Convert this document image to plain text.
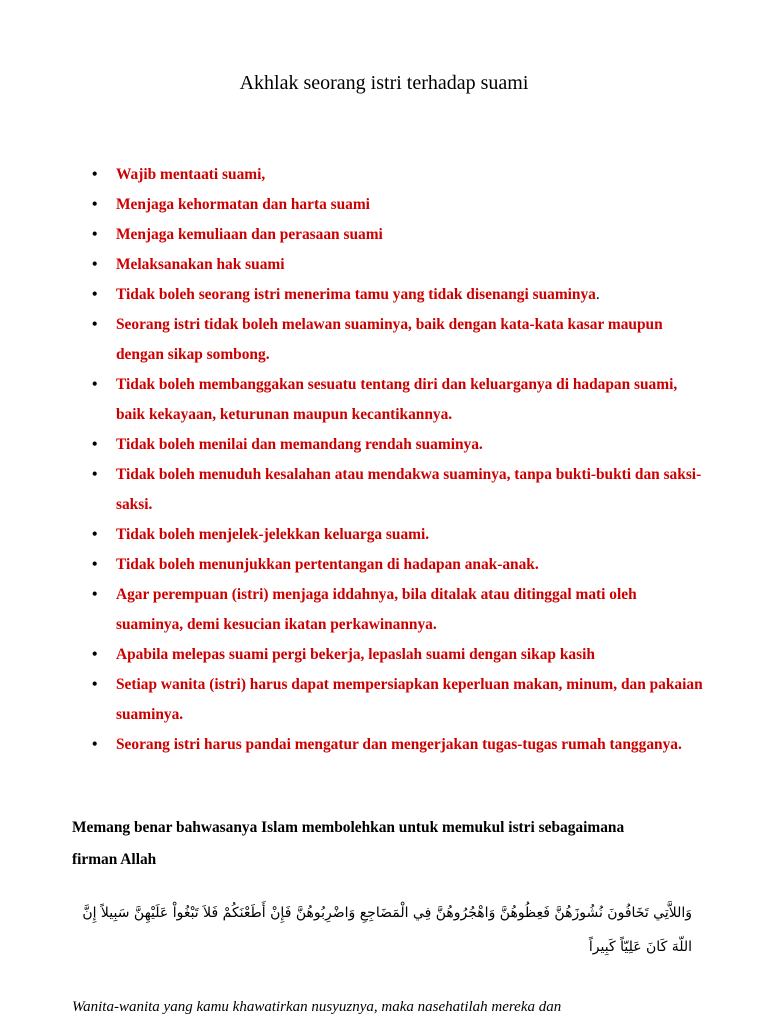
Akhlak seorang istri terhadap suami
• Wajib mentaati suami,
• Menjaga kehormatan dan harta suami
• Menjaga kemuliaan dan perasaan suami
• Melaksanakan hak suami
• Tidak boleh seorang istri menerima tamu yang tidak disenangi suaminya.
• Seorang istri tidak boleh melawan suaminya, baik dengan kata-kata kasar maupun dengan sikap sombong.
• Tidak boleh membanggakan sesuatu tentang diri dan keluarganya di hadapan suami, baik kekayaan, keturunan maupun kecantikannya.
• Tidak boleh menilai dan memandang rendah suaminya.
• Tidak boleh menuduh kesalahan atau mendakwa suaminya, tanpa bukti-bukti dan saksi-saksi.
• Tidak boleh menjelek-jelekkan keluarga suami.
• Tidak boleh menunjukkan pertentangan di hadapan anak-anak.
• Agar perempuan (istri) menjaga iddahnya, bila ditalak atau ditinggal mati oleh suaminya, demi kesucian ikatan perkawinannya.
• Apabila melepas suami pergi bekerja, lepaslah suami dengan sikap kasih
• Setiap wanita (istri) harus dapat mempersiapkan keperluan makan, minum, dan pakaian suaminya.
• Seorang istri harus pandai mengatur dan mengerjakan tugas-tugas rumah tangganya.

Memang benar bahwasanya Islam membolehkan untuk memukul istri sebagaimana firman Allah

وَاللاَّتِي تَخَافُونَ نُشُوزَهُنَّ فَعِظُوهُنَّ وَاهْجُرُوهُنَّ فِي الْمَضَاجِعِ وَاضْرِبُوهُنَّ فَإِنْ أَطَعْنَكُمْ فَلاَ تَبْغُواْ عَلَيْهِنَّ سَبِيلاً إِنَّ اللّهَ كَانَ عَلِيّاً كَبِيراً

Wanita-wanita yang kamu khawatirkan nusyuznya, maka nasehatilah mereka dan
